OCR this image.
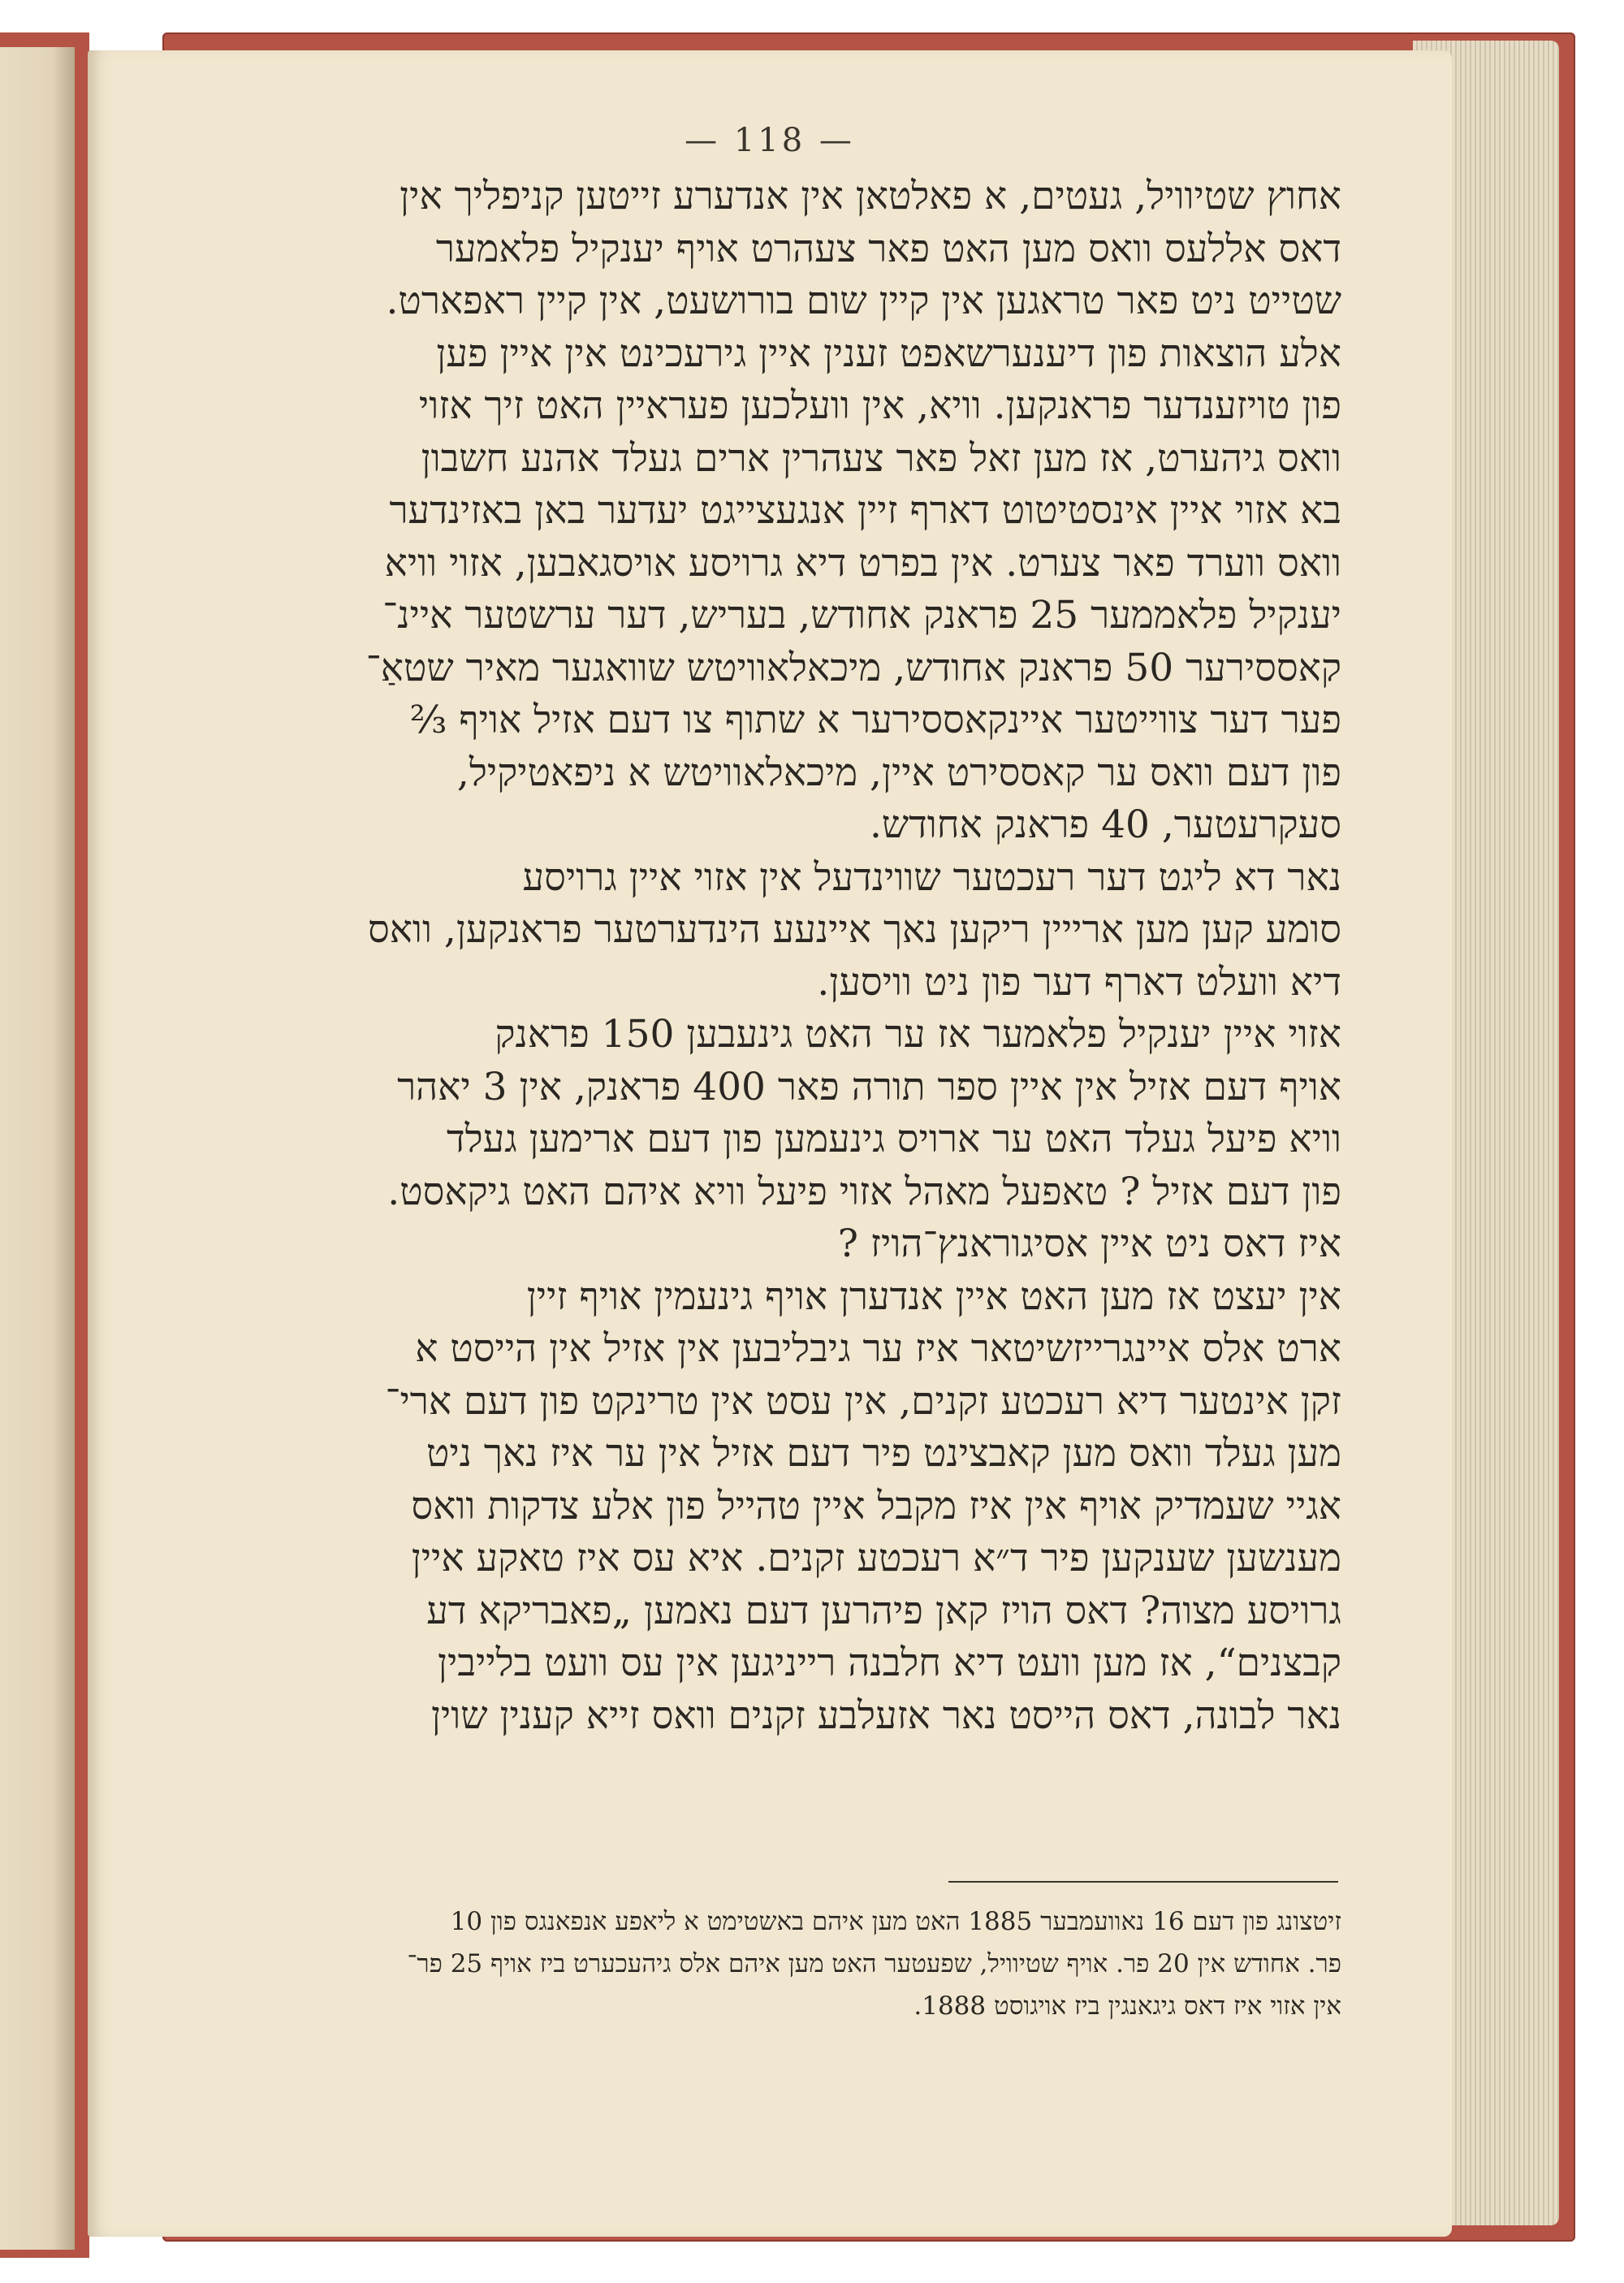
— 118 —
אחוץ שטיוויל, געטים, א פאלטאן אין אנדערע זייטען קניפליך אין
דאס אללעס וואס מען האט פאר צעהרט אויף יענקיל פלאמער
שטייט ניט פאר טראגען אין קיין שום בורושעט, אין קיין ראפארט.
אלע הוצאות פון דיענערשאפט זענין איין גירעכינט אין איין פען
פון טויזענדער פראנקען. וויא, אין וועלכען פעראיין האט זיך אזוי
וואס גיהערט, אז מען זאל פאר צעהרין ארים געלד אהנע חשבון
בא אזוי איין אינסטיטוט דארף זיין אנגעצייגט יעדער באן באזינדער
וואס ווערד פאר צערט. אין בפרט דיא גרויסע אויסגאבען, אזוי וויא
יענקיל פלאממער 25 פראנק אחודש, בעריש, דער ערשטער איינ־
קאססירער 50 פראנק אחודש, מיכאלאוויטש שוואגער מאיר שטאַ־
פער דער צווייטער איינקאססירער א שתוף צו דעם אזיל אויף ⅔
פון דעם וואס ער קאססירט איין, מיכאלאוויטש א ניפאטיקיל,
סעקרעטער, 40 פראנק אחודש.
נאר דא ליגט דער רעכטער שווינדעל אין אזוי איין גרויסע
סומע קען מען ארייין ריקען נאך איינעע הינדערטער פראנקען, וואס
דיא וועלט דארף דער פון ניט וויסען.
אזוי איין יענקיל פלאמער אז ער האט גינעבען 150 פראנק
אויף דעם אזיל אין איין ספר תורה פאר 400 פראנק, אין 3 יאהר
וויא פיעל געלד האט ער ארויס גינעמען פון דעם ארימען געלד
פון דעם אזיל ? טאפעל מאהל אזוי פיעל וויא איהם האט גיקאסט.
איז דאס ניט איין אסיגוראנץ־הויז ?
אין יעצט אז מען האט איין אנדערן אויף גינעמין אויף זיין
ארט אלס איינגרייזשיטאר איז ער גיבליבען אין אזיל אין הייסט א
זקן אינטער דיא רעכטע זקנים, אין עסט אין טרינקט פון דעם ארי־
מען געלד וואס מען קאבצינט פיר דעם אזיל אין ער איז נאך ניט
אגיי שעמדיק אויף אין איז מקבל איין טהייל פון אלע צדקות וואס
מענשען שענקען פיר ד״א רעכטע זקנים. איא עס איז טאקע איין
גרויסע מצוה? דאס הויז קאן פיהרען דעם נאמען „פאבריקא דע
קבצנים“, אז מען וועט דיא חלבנה רייניגען אין עס וועט בלייבין
נאר לבונה, דאס הייסט נאר אזעלבע זקנים וואס זייא קענין שוין
זיטצונג פון דעם 16 נאוועמבער 1885 האט מען איהם באשטימט א ליאפע אנפאנגס פון 10
פר. אחודש אין 20 פר. אויף שטיוויל, שפעטער האט מען איהם אלס גיהעכערט ביז אויף 25 פר־
אין אזוי איז דאס גיגאנגין ביז אויגוסט 1888.
